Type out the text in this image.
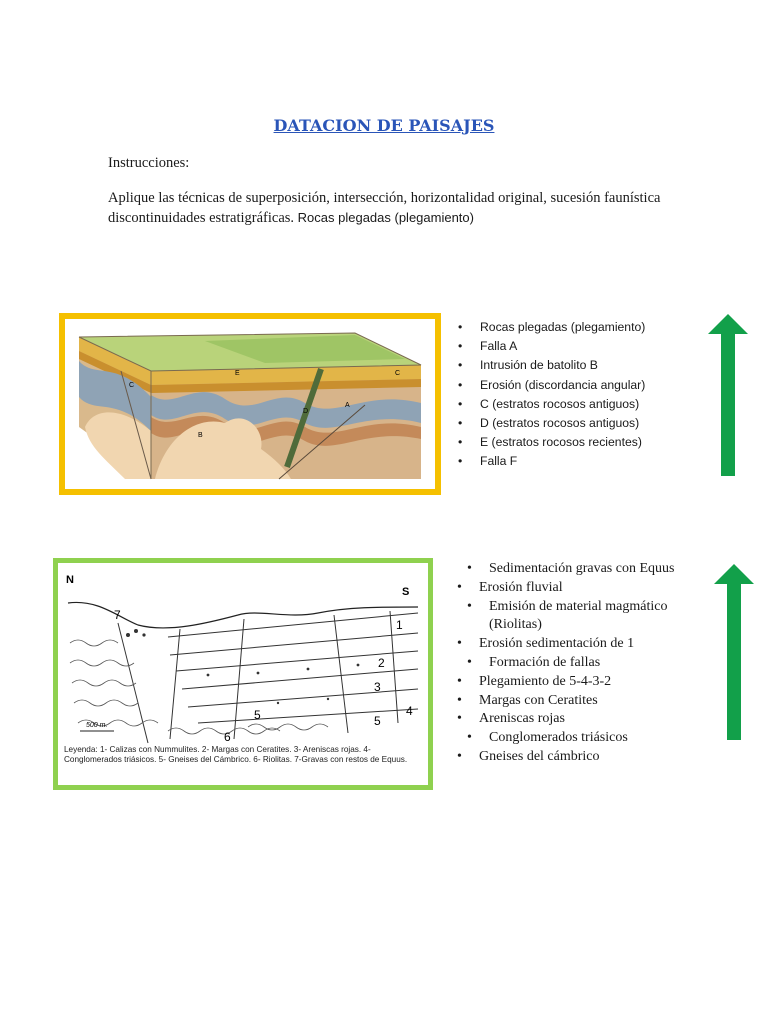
DATACION DE PAISAJES
Instrucciones:
Aplique las técnicas de superposición, intersección, horizontalidad original, sucesión faunística discontinuidades estratigráficas. Rocas plegadas (plegamiento)
C
E	C
B
D
A
• Rocas plegadas (plegamiento)
• Falla A
• Intrusión de batolito B
• Erosión (discordancia angular)
• C (estratos rocosos antiguos)
• D (estratos rocosos antiguos)
• E (estratos rocosos recientes)
• Falla F
N
S
7
1
2
3
4
5	5
6
500 m.
Leyenda: 1- Calizas con Nummulites. 2- Margas con Ceratites. 3- Areniscas rojas. 4- Conglomerados triásicos. 5- Gneises del Cámbrico. 6- Riolitas. 7-Gravas con restos de Equus.
• Sedimentación gravas con Equus
• Erosión fluvial
• Emisión de material magmático (Riolitas)
• Erosión sedimentación de 1
• Formación de fallas
• Plegamiento de 5-4-3-2
• Margas con Ceratites
• Areniscas rojas
• Conglomerados triásicos
• Gneises del cámbrico
